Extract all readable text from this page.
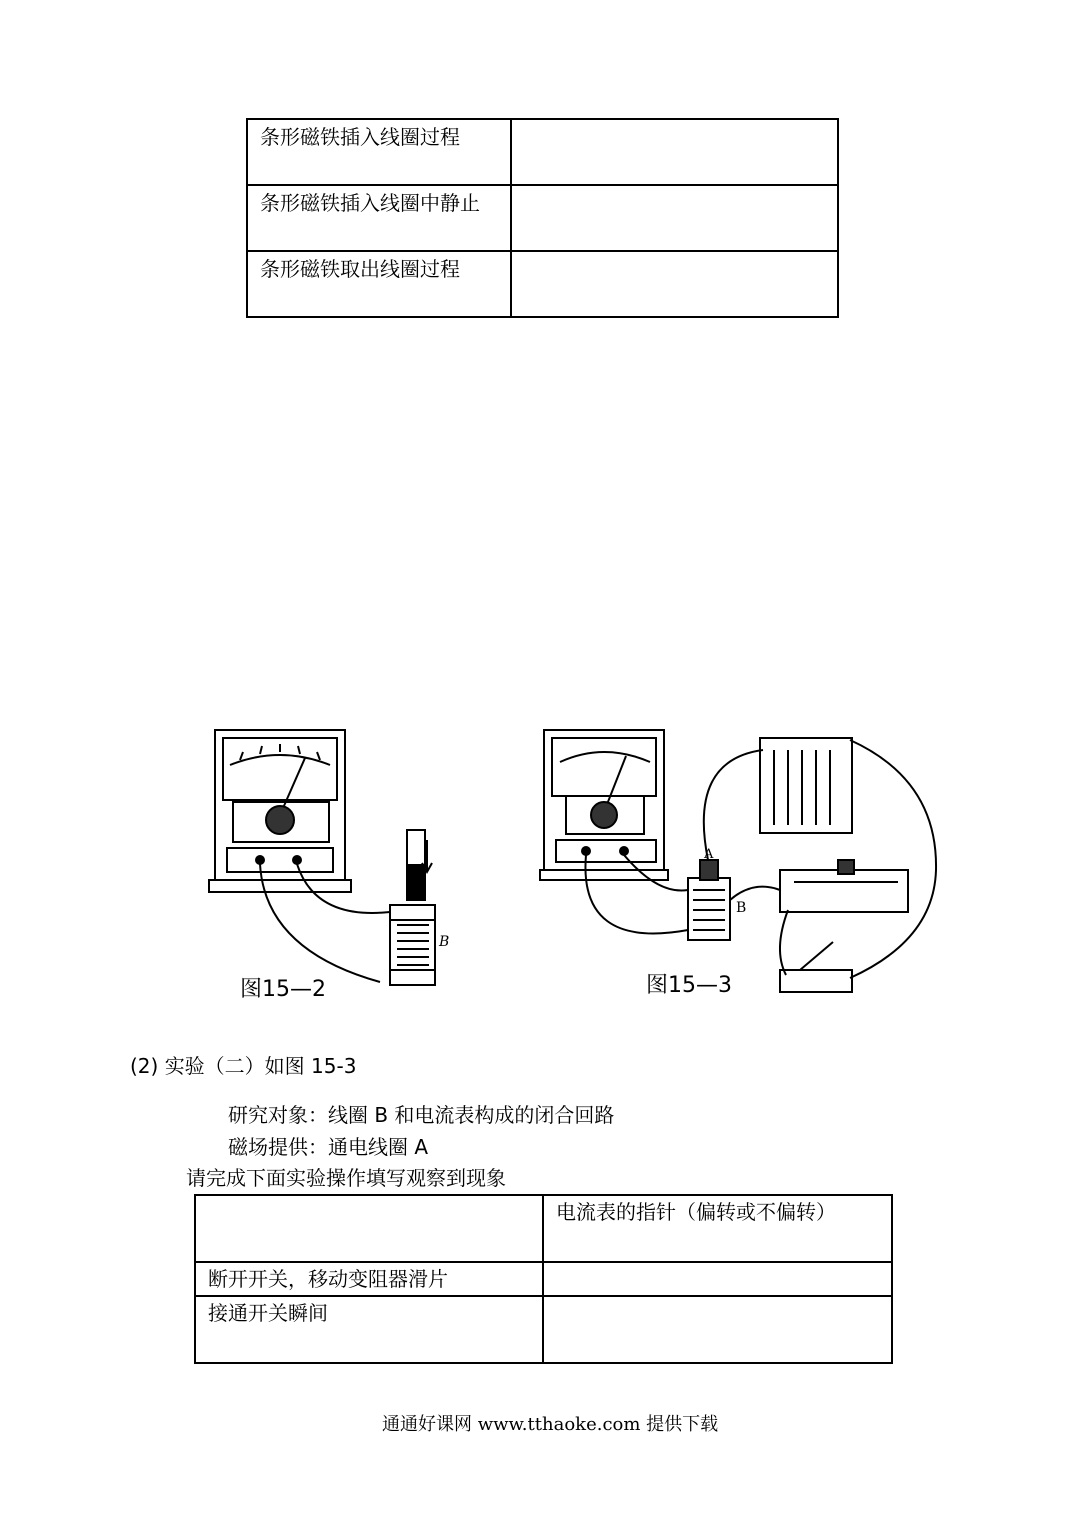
条形磁铁插入线圈过程	
条形磁铁插入线圈中静止	
条形磁铁取出线圈过程	
B
图15—2
A
B
图15—3
(2) 实验（二）如图 15-3
研究对象：线圈 B 和电流表构成的闭合回路
磁场提供：通电线圈 A
请完成下面实验操作填写观察到现象
	电流表的指针（偏转或不偏转）
断开开关，移动变阻器滑片	
接通开关瞬间	
通通好课网 www.tthaoke.com 提供下载
